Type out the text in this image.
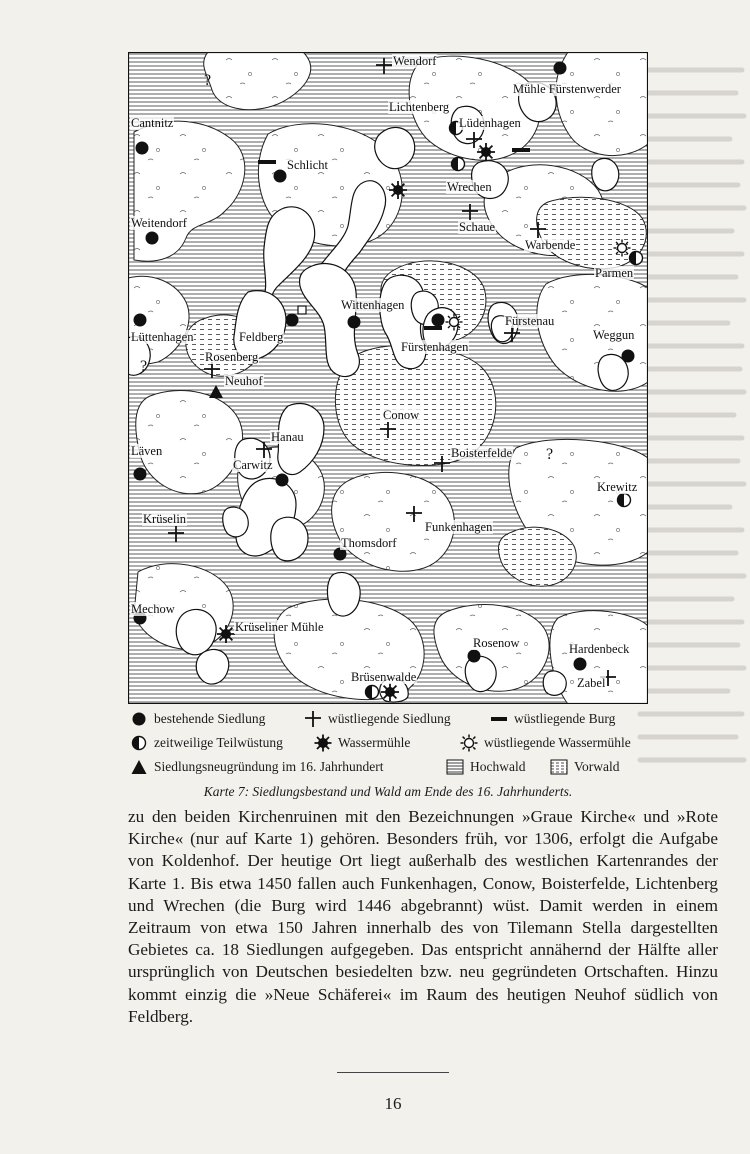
Wendorf
Mühle Fürstenwerder
Lichtenberg
Lüdenhagen
Cantnitz
Schlicht
Wrechen
Schaue
Warbende
Weitendorf
Parmen
Wittenhagen
Fürstenau
Lüttenhagen	Feldberg
Fürstenhagen
Weggun
Rosenberg
Neuhof
Conow
Hanau
Läven	Boisterfelde
Carwitz
Krewitz
Krüselin
Funkenhagen
Thomsdorf
Mechow
Krüseliner Mühle
Rosenow	Hardenbeck
Zabel
Brüsenwalde
?
?
?
bestehende Siedlung	wüstliegende Siedlung	wüstliegende Burg
zeitweilige Teilwüstung	Wassermühle	wüstliegende Wassermühle
Siedlungsneugründung im 16. Jahrhundert	Hochwald	Vorwald
Karte 7: Siedlungsbestand und Wald am Ende des 16. Jahrhunderts.

zu den beiden Kirchenruinen mit den Bezeichnungen »Graue Kirche« und »Rote Kirche« (nur auf Karte 1) gehören. Besonders früh, vor 1306, erfolgt die Aufgabe von Koldenhof. Der heutige Ort liegt außerhalb des westlichen Kartenrandes der Karte 1. Bis etwa 1450 fallen auch Funkenhagen, Conow, Boisterfelde, Lichtenberg und Wrechen (die Burg wird 1446 abgebrannt) wüst. Damit werden in einem Zeitraum von etwa 150 Jahren innerhalb des von Tilemann Stella dargestellten Gebietes ca. 18 Siedlungen aufgegeben. Das entspricht annähernd der Hälfte aller ursprünglich von Deutschen besiedelten bzw. neu gegründeten Ortschaften. Hinzu kommt einzig die »Neue Schäferei« im Raum des heutigen Neuhof südlich von Feldberg.

16
